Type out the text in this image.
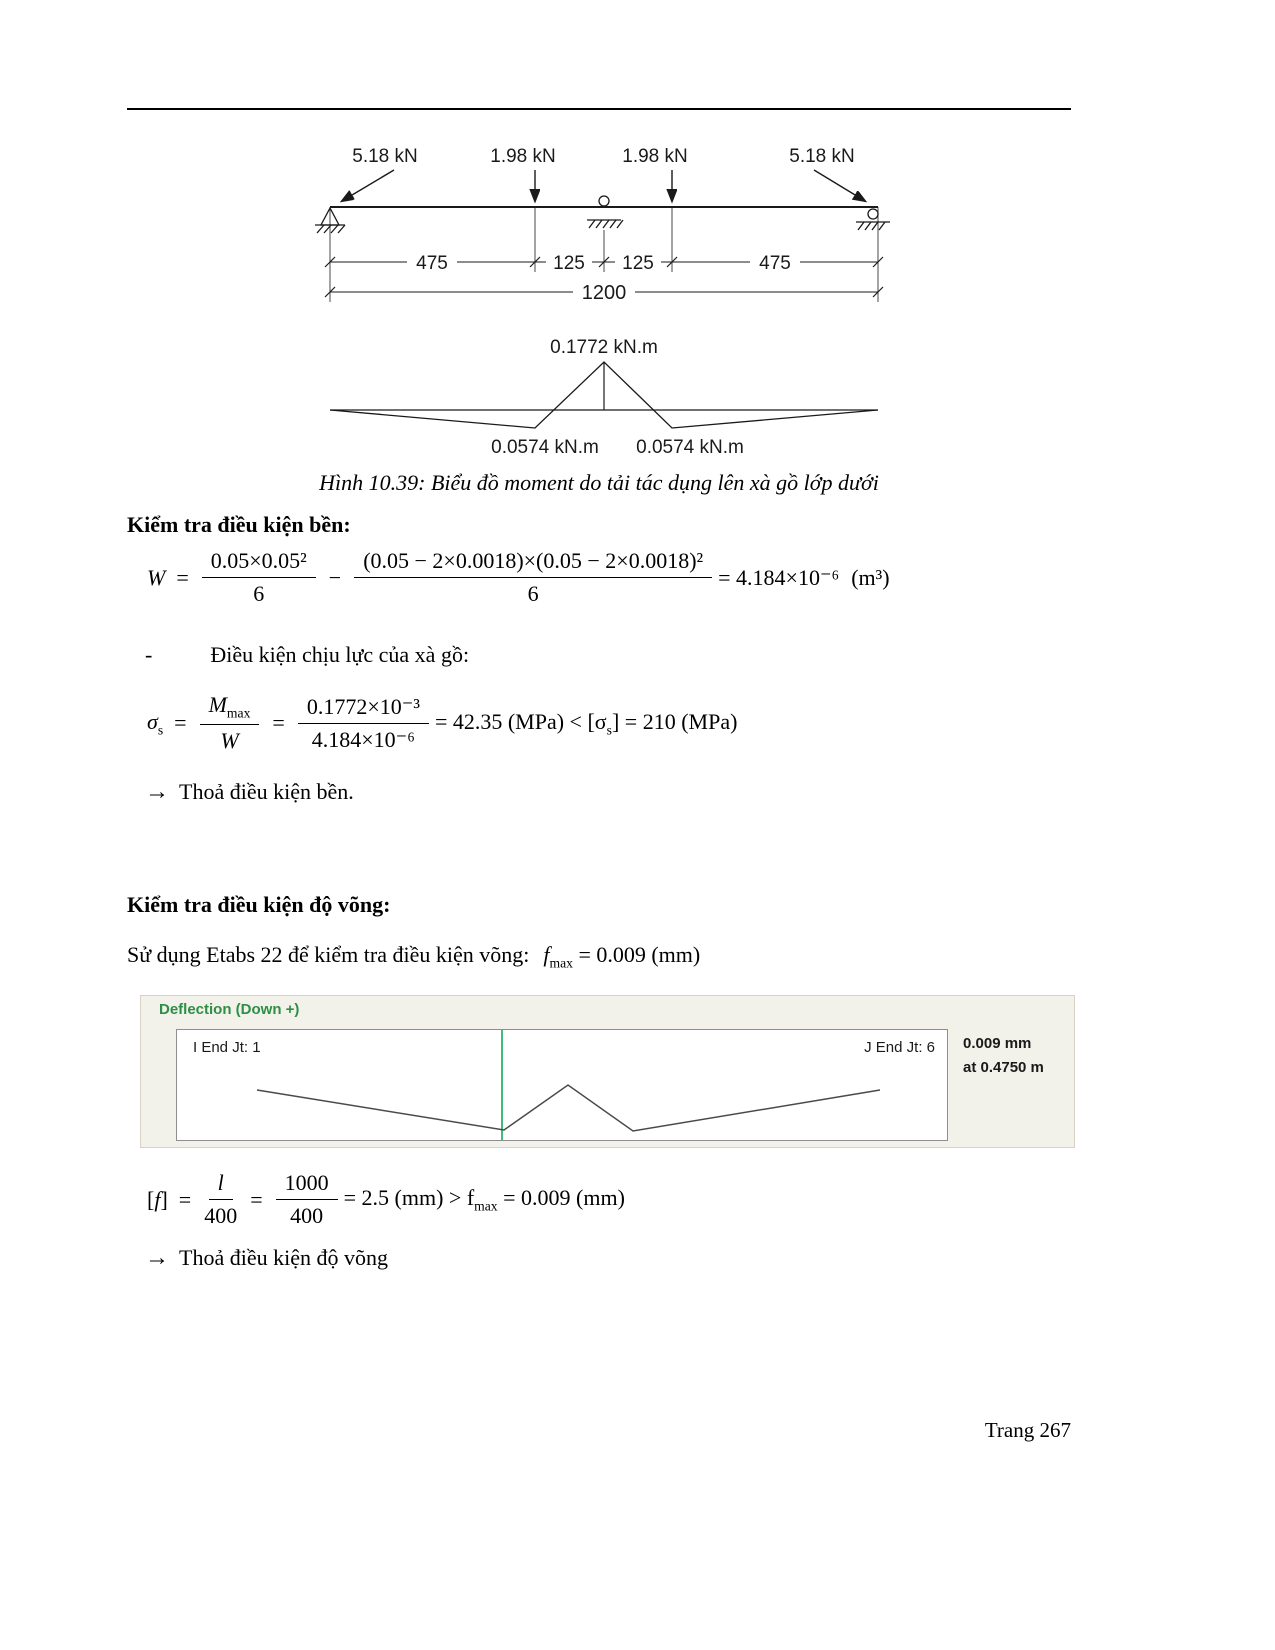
5.18 kN	1.98 kN	1.98 kN	5.18 kN
475	125 125	475
1200
0.1772 kN.m
0.0574 kN.m 0.0574 kN.m
Hình 10.39: Biểu đồ moment do tải tác dụng lên xà gồ lớp dưới
Kiểm tra điều kiện bền:
$W = \frac{\text{0.05×0.05²}}{6} - \frac{\text{(0.05 − 2×0.0018)×(0.05 − 2×0.0018)²}}{6} = 4.184\times 10^{-6}$ (m³)
-	Điều kiện chịu lực của xà gồ:
$\sigma_s = \frac{M_{max}}{W} = \frac{\text{0.1772×10⁻³}}{\text{4.184×10⁻⁶}} = 42.35$ $(MPa) < [\sigma_s] = 210$ (MPa)
→ Thoả điều kiện bền.
Kiểm tra điều kiện độ võng:
Sử dụng Etabs 22 để kiểm tra điều kiện võng: $f_{max} = 0.009$ (mm)
Deflection (Down +)
I End Jt: 1	J End Jt: 6 0.009 mm
at 0.4750 m
$[f] = \frac{l}{400} = \frac{1000}{400} = 2.5$ $(mm) > f_{max} = 0.009$ (mm)
→ Thoả điều kiện độ võng
Trang 267
